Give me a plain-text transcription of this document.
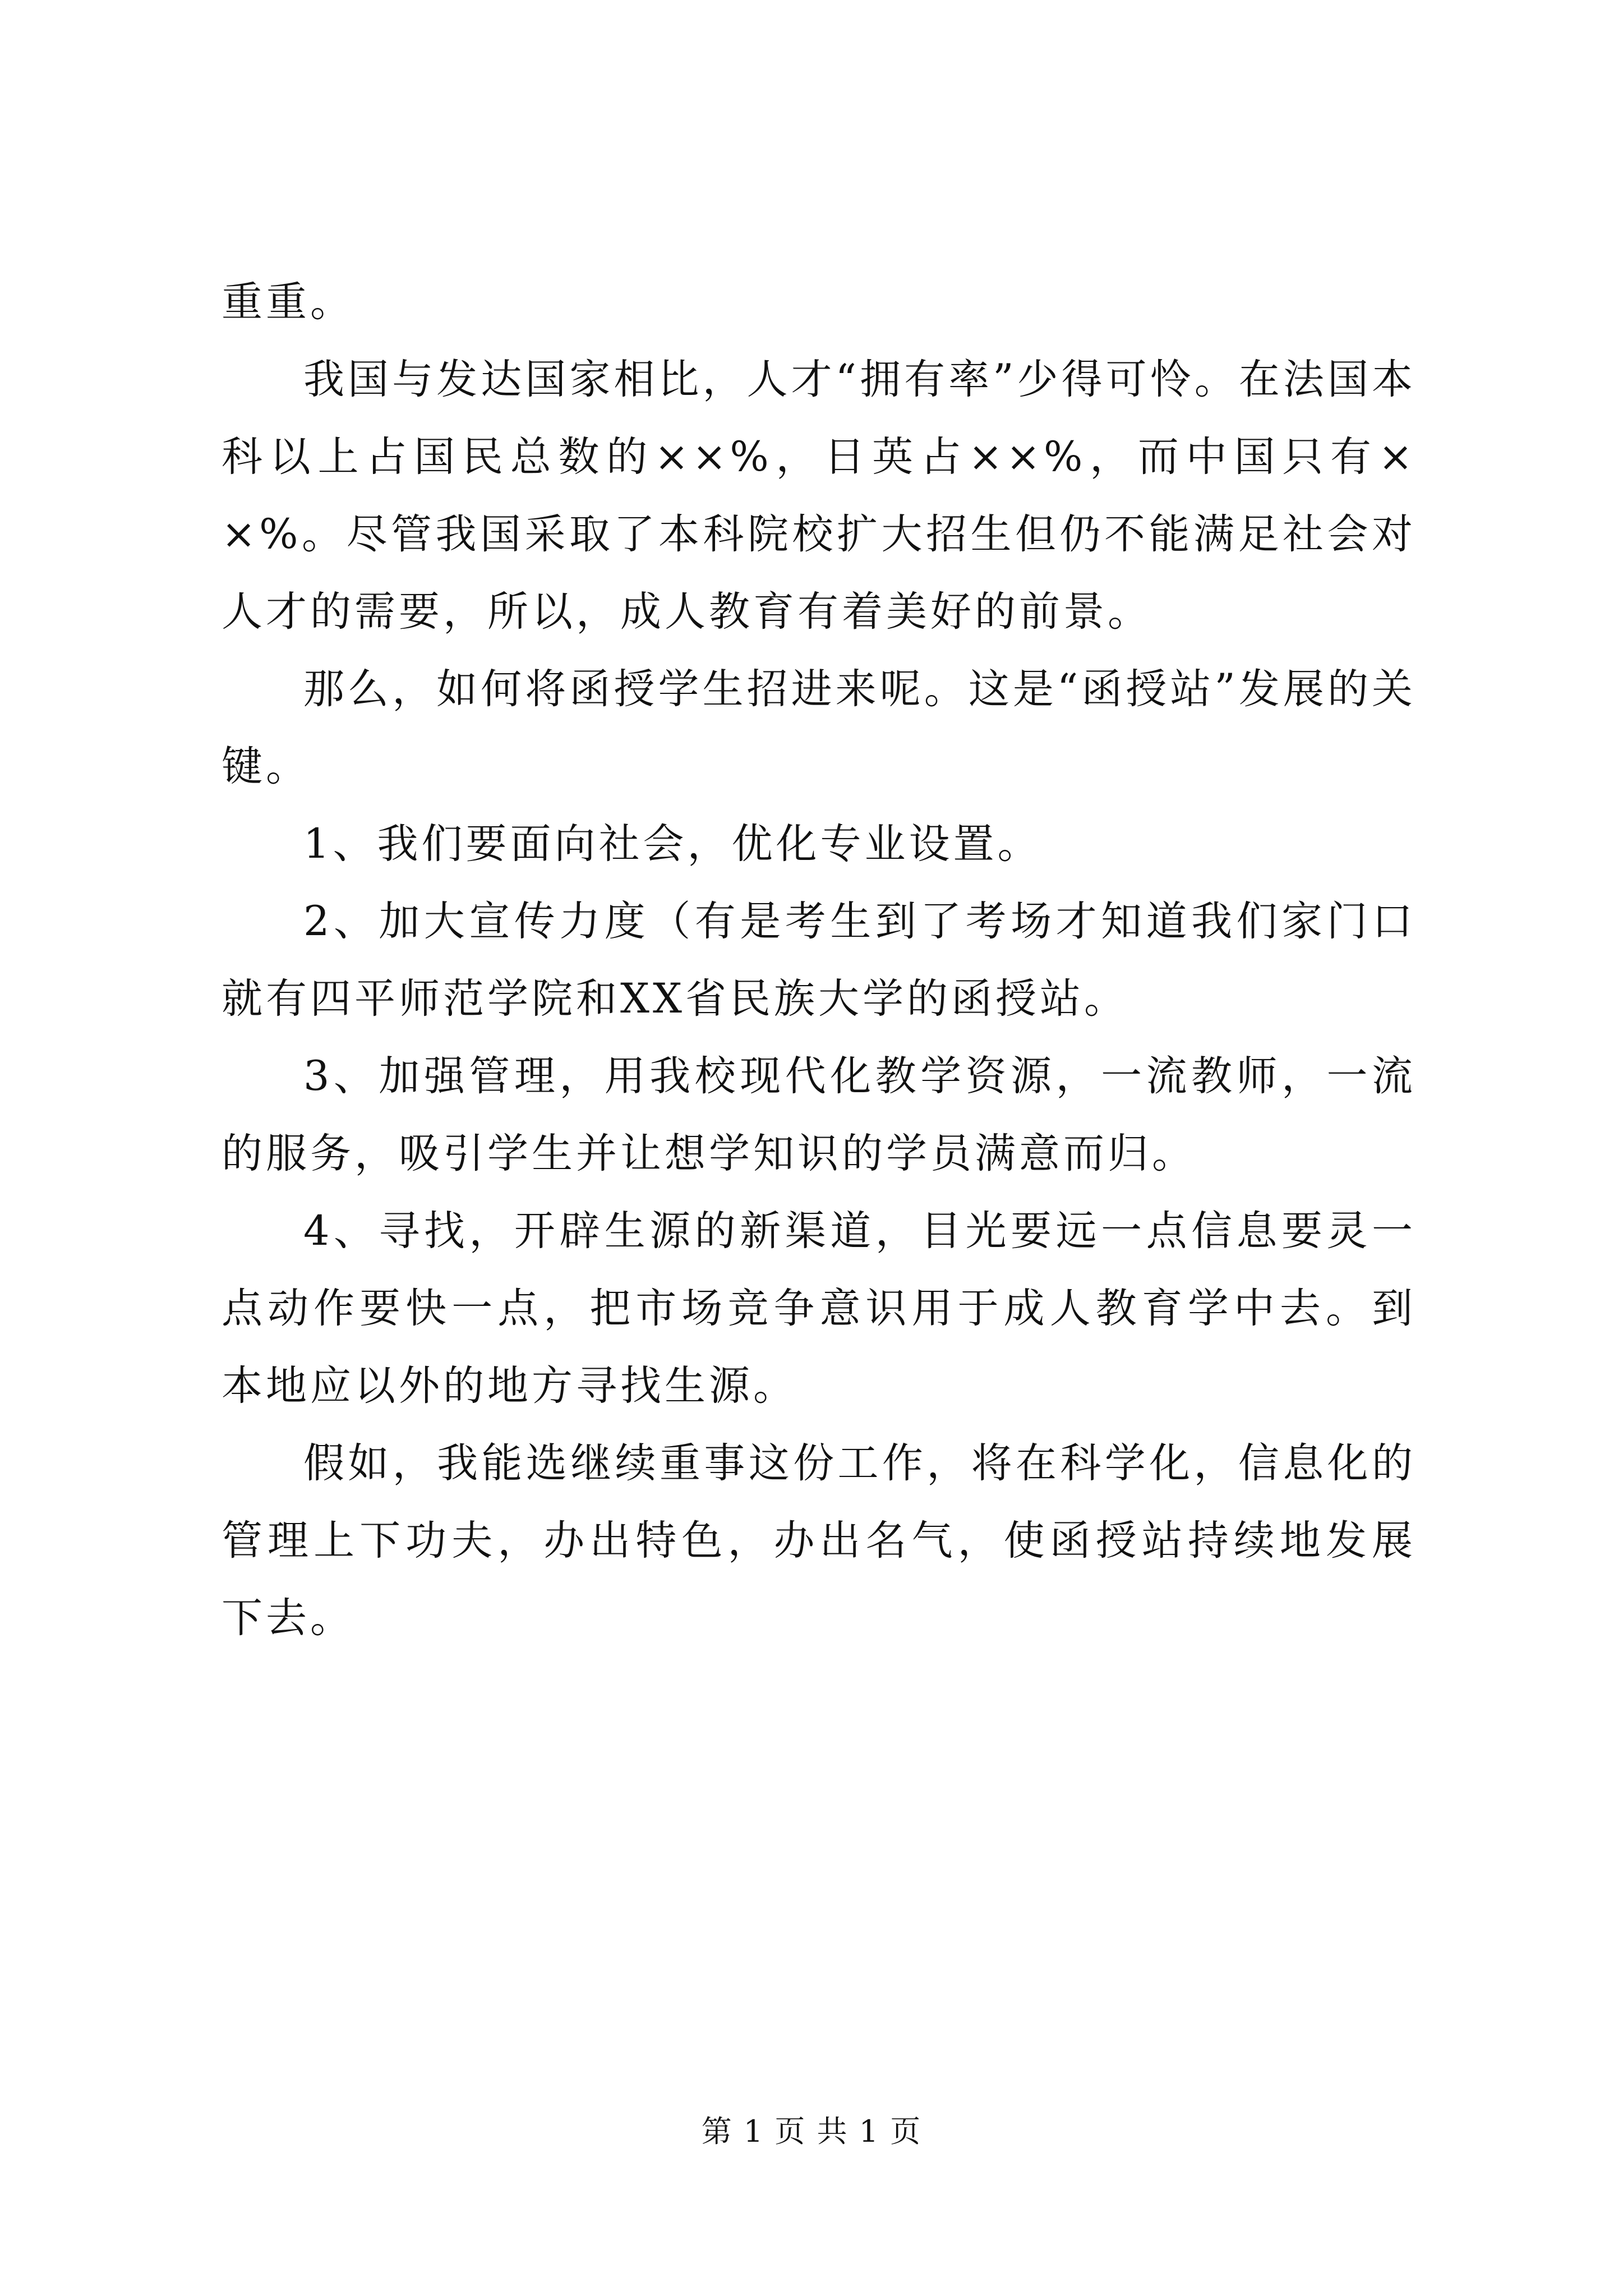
重重。

我国与发达国家相比，人才“拥有率”少得可怜。在法国本科以上占国民总数的××%，日英占××%，而中国只有××%。尽管我国采取了本科院校扩大招生但仍不能满足社会对人才的需要，所以，成人教育有着美好的前景。

那么，如何将函授学生招进来呢。这是“函授站”发展的关键。

1、我们要面向社会，优化专业设置。

2、加大宣传力度（有是考生到了考场才知道我们家门口就有四平师范学院和XX省民族大学的函授站。

3、加强管理，用我校现代化教学资源，一流教师，一流的服务，吸引学生并让想学知识的学员满意而归。

4、寻找，开辟生源的新渠道，目光要远一点信息要灵一点动作要快一点，把市场竞争意识用于成人教育学中去。到本地应以外的地方寻找生源。

假如，我能选继续重事这份工作，将在科学化，信息化的管理上下功夫，办出特色，办出名气，使函授站持续地发展下去。

第 1 页 共 1 页
